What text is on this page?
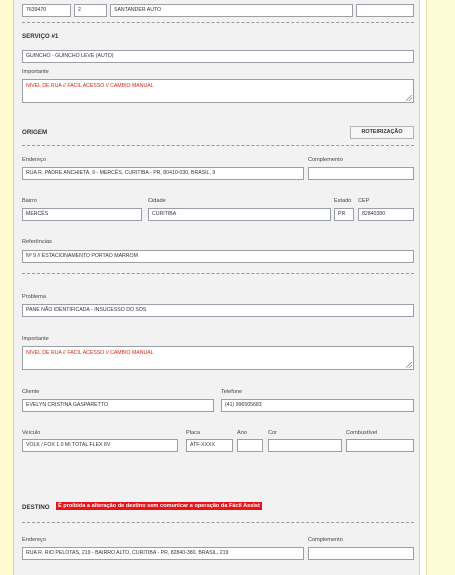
7639470	2	SANTANDER AUTO
SERVIÇO #1
GUINCHO - GUINCHO LEVE (AUTO)
Importante
NIVEL DE RUA // FACIL ACESSO // CAMBIO MANUAL
ORIGEM	ROTEIRIZAÇÃO
Endereço
RUA R. PADRE ANCHIETA, 9 - MERCÊS, CURITIBA - PR, 80410-030, BRASIL, 9
Complemento
Bairro
MERCÊS
Cidade
CURITIBA
Estado
PR
CEP
82840380
Referências
Nº 9 // ESTACIONAMENTO PORTAO MARROM
Problema
PANE NÃO IDENTIFICADA - INSUCESSO DO SOS
Importante
NIVEL DE RUA // FACIL ACESSO // CAMBIO MANUAL
Cliente
EVELYN CRISTINA GASPARETTO
Telefone
(41) 996505683
Veículo
VOLK / FOX 1.0 MI TOTAL FLEX 8V
Placa
ATF-XXXX
Ano	Cor	Combustível
DESTINO	É proibida a alteração de destino sem comunicar a operação da Fácil Assist
Endereço
RUA R. RIO PELOTAS, 219 - BAIRRO ALTO, CURITIBA - PR, 82840-380, BRASIL, 219
Complemento
